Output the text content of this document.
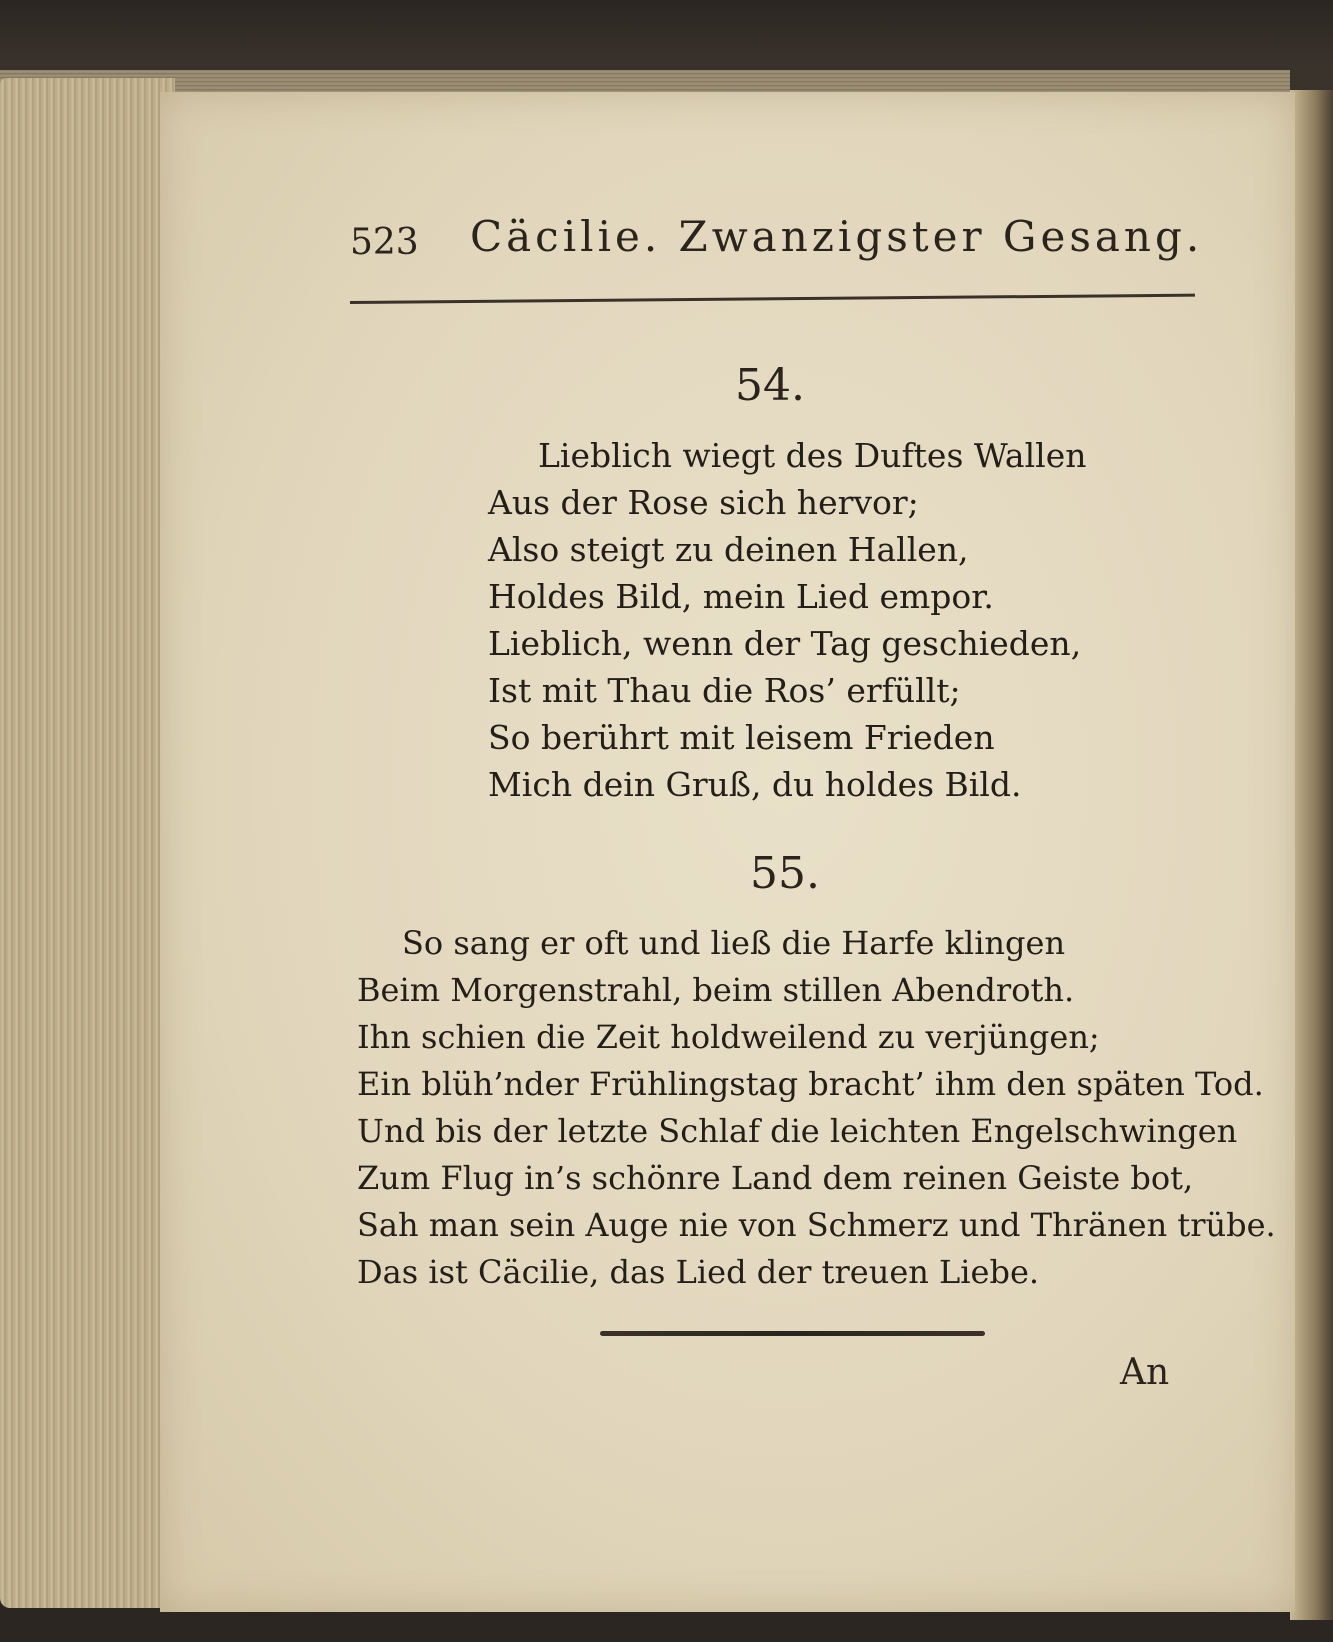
523 Cäcilie. Zwanzigster Gesang.
54.
Lieblich wiegt des Duftes Wallen
Aus der Rose sich hervor;
Also steigt zu deinen Hallen,
Holdes Bild, mein Lied empor.
Lieblich, wenn der Tag geschieden,
Ist mit Thau die Ros’ erfüllt;
So berührt mit leisem Frieden
Mich dein Gruß, du holdes Bild.
55.
So sang er oft und ließ die Harfe klingen
Beim Morgenstrahl, beim stillen Abendroth.
Ihn schien die Zeit holdweilend zu verjüngen;
Ein blüh’nder Frühlingstag bracht’ ihm den späten Tod.
Und bis der letzte Schlaf die leichten Engelschwingen
Zum Flug in’s schönre Land dem reinen Geiste bot,
Sah man sein Auge nie von Schmerz und Thränen trübe.
Das ist Cäcilie, das Lied der treuen Liebe.
An
